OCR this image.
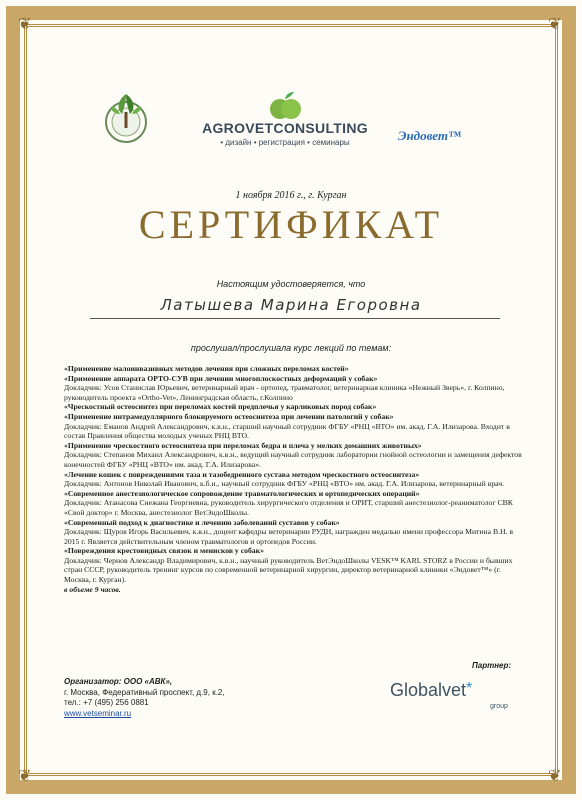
❦	❦
❦	❦
AGROVETCONSULTING
• дизайн • регистрация • семинары	Эндовет™
1 ноября 2016 г., г. Курган
СЕРТИФИКАТ
Настоящим удостоверяется, что
Латышева Марина Егоровна
прослушал/прослушала курс лекций по темам:
«Применение малоинвазивных методов лечения при сложных переломах костей»
«Применение аппарата ОРТО-СУВ при лечении многоплоскостных деформаций у собак»
Докладчик: Усов Станислав Юрьевич, ветеринарный врач - ортопед, травматолог, ветеринарная клиника «Нежный Зверь», г. Колпино, руководитель проекта «Ortho-Vet», Ленинградская область, г.Колпино
«Чрескостный остеосинтез при переломах костей предплечья у карликовых пород собак»
«Применение интрамедуллярного блокируемого остеосинтеза при лечении патологий у собак»
Докладчик: Еманов Андрей Александрович, к.в.н., старший научный сотрудник ФГБУ «РНЦ «ВТО» им. акад. Г.А. Илизарова. Входит в состав Правления общества молодых ученых РНЦ ВТО.
«Применение чрескостного остеосинтеза при переломах бедра и плеча у мелких домашних животных»
Докладчик: Степанов Михаил Александрович, к.в.н., ведущий научный сотрудник лаборатории гнойной остеологии и замещения дефектов конечностей ФГБУ «РНЦ «ВТО» им. акад. Г.А. Илизарова».
«Лечение кошек с повреждениями таза и тазобедренного сустава методом чрескостного остеосинтеза»
Докладчик: Антонов Николай Иванович, к.б.н., научный сотрудник ФГБУ «РНЦ «ВТО» им. акад. Г.А. Илизарова, ветеринарный врач.
«Современное анестезиологическое сопровождение травматологических и ортопедических операций»
Докладчик: Атанасова Снежана Георгиевна, руководитель хирургического отделения и ОРИТ, старший анестезиолог-реаниматолог СВК «Свой доктор» г. Москва, анестезиолог ВетЭндоШколы.
«Современный подход к диагностике и лечению заболеваний суставов у собак»
Докладчик: Щуров Игорь Васильевич, к.в.н., доцент кафедры ветеринарии РУДН, награжден медалью имени профессора Митина В.Н. в 2015 г. Является действительным членом травматологов и ортопедов России.
«Повреждения крестовидных связок и менисков у собак»
Докладчик: Чернов Александр Владимирович, к.в.н., научный руководитель ВетЭндоШколы VESK™ KARL STORZ в России и бывших стран СССР, руководитель тренинг курсов по современной ветеринарной хирургии, директор ветеринарной клиники «Эндовет™» (г. Москва, г. Курган).
в объеме 9 часов.
Организатор: ООО «АВК»,
г. Москва, Федеративный проспект, д.9, к.2,
тел.: +7 (495) 256 0881
www.vetseminar.ru
Партнер:
Globalvet*
group
